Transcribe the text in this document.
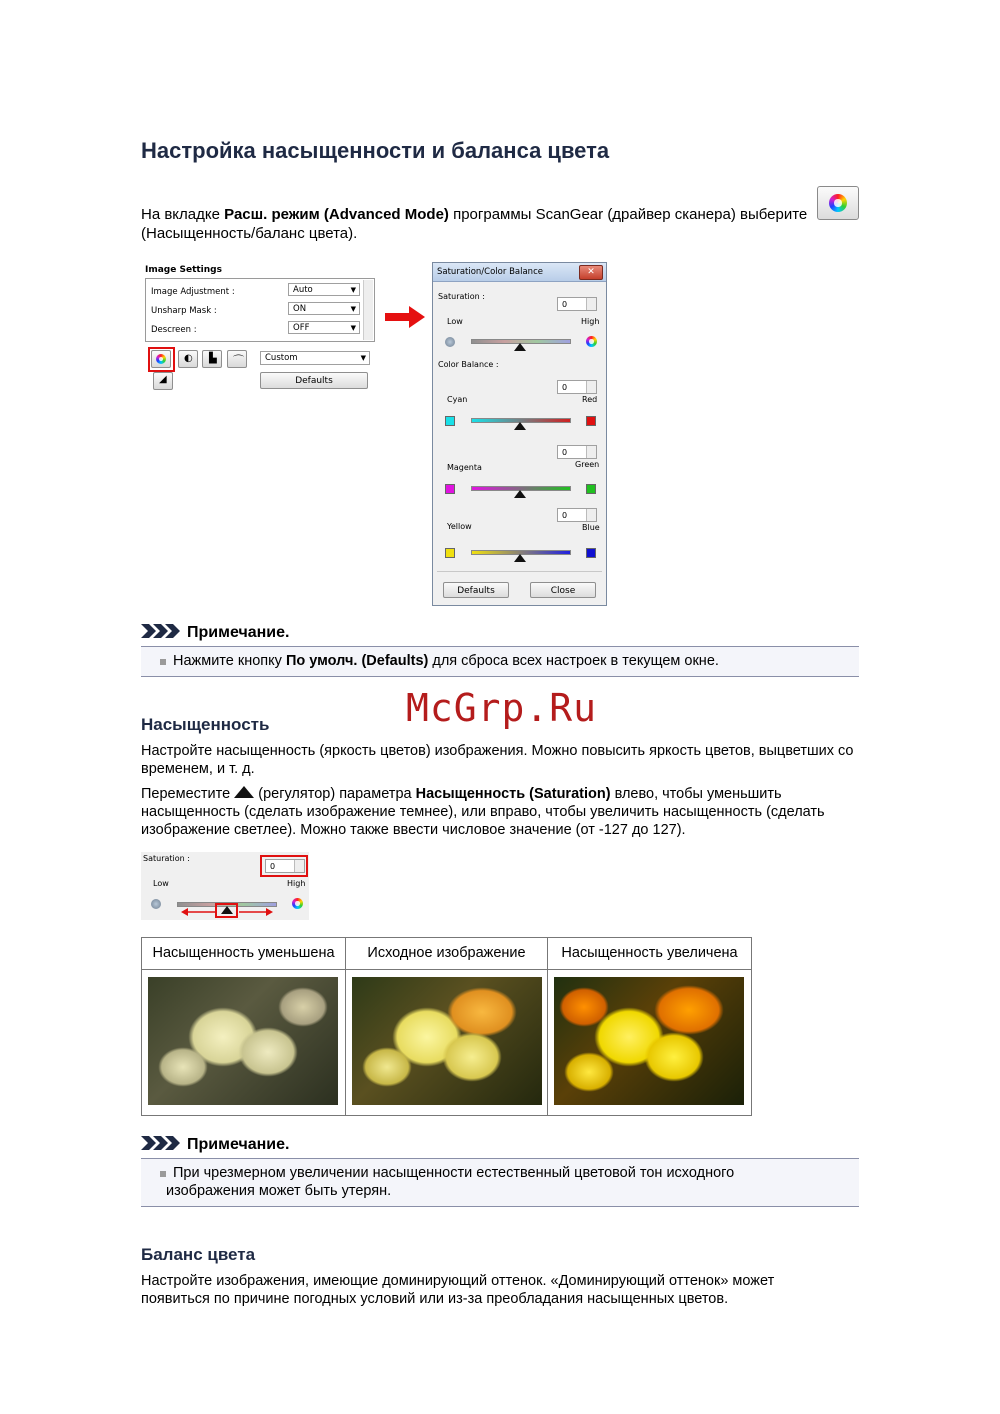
Настройка насыщенности и баланса цвета
На вкладке Расш. режим (Advanced Mode) программы ScanGear (драйвер сканера) выберите
(Насыщенность/баланс цвета).
Image Settings
Image Adjustment :	Auto	▼
Unsharp Mask :	ON	▼
Descreen :	OFF	▼
◐ ▙ ⌒
◢
Custom	▼
Defaults
Saturation/Color Balance	✕
Saturation :
0
Low	High
Color Balance :
0
Cyan	Red
0
Green
Magenta
0
Yellow	Blue
Defaults	Close
Примечание.
Нажмите кнопку По умолч. (Defaults) для сброса всех настроек в текущем окне.
McGrp.Ru
Насыщенность
Настройте насыщенность (яркость цветов) изображения. Можно повысить яркость цветов, выцветших со временем, и т. д.
Переместите  (регулятор) параметра Насыщенность (Saturation) влево, чтобы уменьшить насыщенность (сделать изображение темнее), или вправо, чтобы увеличить насыщенность (сделать изображение светлее). Можно также ввести числовое значение (от -127 до 127).
Saturation :
0
Low	High
Насыщенность уменьшена	Исходное изображение	Насыщенность увеличена
Примечание.
При чрезмерном увеличении насыщенности естественный цветовой тон исходного изображения может быть утерян.
Баланс цвета
Настройте изображения, имеющие доминирующий оттенок. «Доминирующий оттенок» может появиться по причине погодных условий или из-за преобладания насыщенных цветов.
